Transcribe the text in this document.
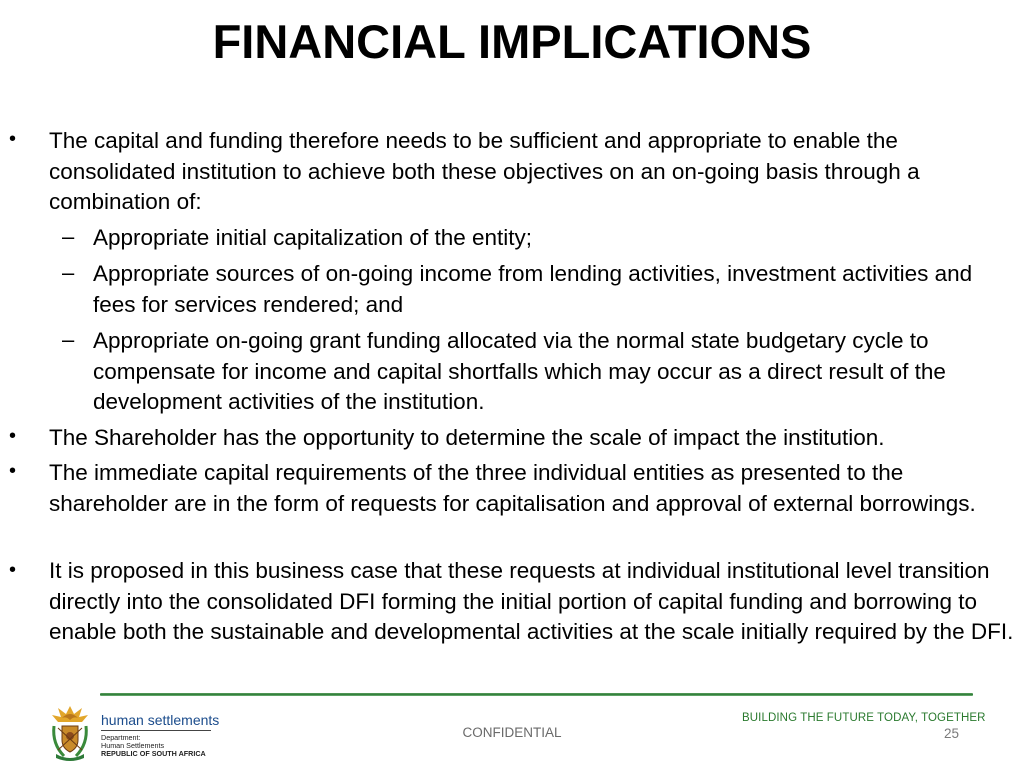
FINANCIAL IMPLICATIONS
• The capital and funding therefore needs to be sufficient and appropriate to enable the consolidated institution to achieve both these objectives on an on-going basis through a combination of:
– Appropriate initial capitalization of the entity;
– Appropriate sources of on-going income from lending activities, investment activities and fees for services rendered; and
– Appropriate on-going grant funding allocated via the normal state budgetary cycle to compensate for income and capital shortfalls which may occur as a direct result of the development activities of the institution.
• The Shareholder has the opportunity to determine the scale of impact the institution.
• The immediate capital requirements of the three individual entities as presented to the shareholder are in the form of requests for capitalisation and approval of external borrowings.
• It is proposed in this business case that these requests at individual institutional level transition directly into the consolidated DFI forming the initial portion of capital funding and borrowing to enable both the sustainable and developmental activities at the scale initially required by the DFI.
human settlements
Department:
Human Settlements
REPUBLIC OF SOUTH AFRICA
BUILDING THE FUTURE TODAY, TOGETHER
CONFIDENTIAL	25
